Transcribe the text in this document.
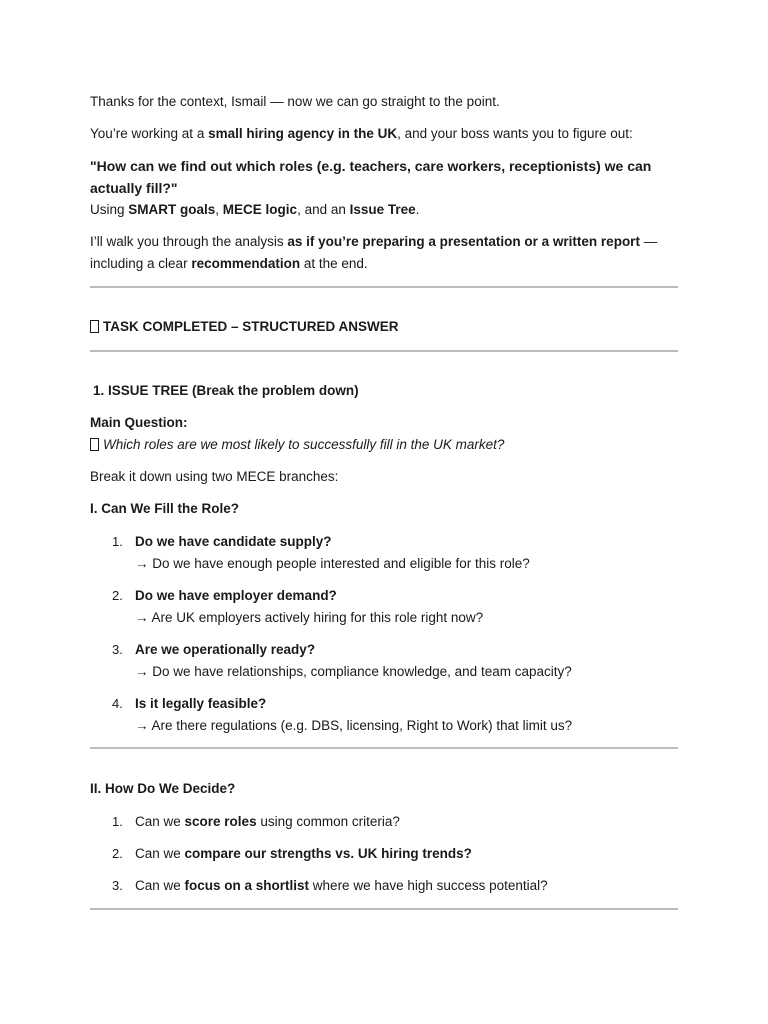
Thanks for the context, Ismail — now we can go straight to the point.

You’re working at a small hiring agency in the UK, and your boss wants you to figure out:

"How can we find out which roles (e.g. teachers, care workers, receptionists) we can actually fill?"

Using SMART goals, MECE logic, and an Issue Tree.

I’ll walk you through the analysis as if you’re preparing a presentation or a written report — including a clear recommendation at the end.

TASK COMPLETED – STRUCTURED ANSWER

1. ISSUE TREE (Break the problem down)

Main Question:

Which roles are we most likely to successfully fill in the UK market?

Break it down using two MECE branches:

I. Can We Fill the Role?

1. Do we have candidate supply?
→ Do we have enough people interested and eligible for this role?
2. Do we have employer demand?
→ Are UK employers actively hiring for this role right now?
3. Are we operationally ready?
→ Do we have relationships, compliance knowledge, and team capacity?
4. Is it legally feasible?
→ Are there regulations (e.g. DBS, licensing, Right to Work) that limit us?

II. How Do We Decide?

1. Can we score roles using common criteria?
2. Can we compare our strengths vs. UK hiring trends?
3. Can we focus on a shortlist where we have high success potential?
